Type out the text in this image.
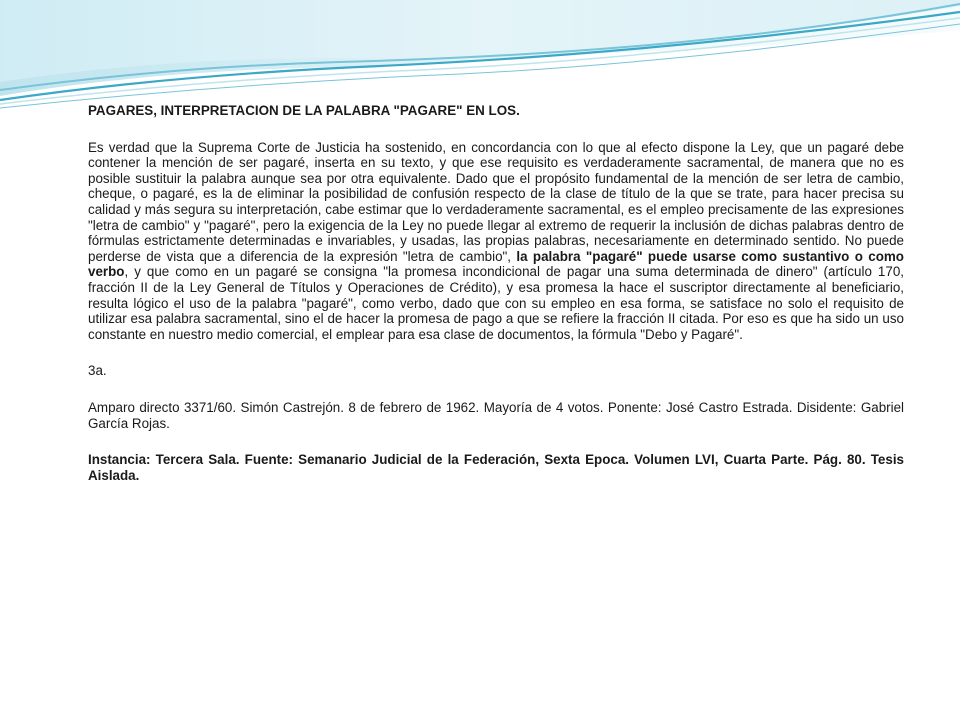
PAGARES, INTERPRETACION DE LA PALABRA "PAGARE" EN LOS.

Es verdad que la Suprema Corte de Justicia ha sostenido, en concordancia con lo que al efecto dispone la Ley, que un pagaré debe contener la mención de ser pagaré, inserta en su texto, y que ese requisito es verdaderamente sacramental, de manera que no es posible sustituir la palabra aunque sea por otra equivalente. Dado que el propósito fundamental de la mención de ser letra de cambio, cheque, o pagaré, es la de eliminar la posibilidad de confusión respecto de la clase de título de la que se trate, para hacer precisa su calidad y más segura su interpretación, cabe estimar que lo verdaderamente sacramental, es el empleo precisamente de las expresiones "letra de cambio" y "pagaré", pero la exigencia de la Ley no puede llegar al extremo de requerir la inclusión de dichas palabras dentro de fórmulas estrictamente determinadas e invariables, y usadas, las propias palabras, necesariamente en determinado sentido. No puede perderse de vista que a diferencia de la expresión "letra de cambio", la palabra "pagaré" puede usarse como sustantivo o como verbo, y que como en un pagaré se consigna "la promesa incondicional de pagar una suma determinada de dinero" (artículo 170, fracción II de la Ley General de Títulos y Operaciones de Crédito), y esa promesa la hace el suscriptor directamente al beneficiario, resulta lógico el uso de la palabra "pagaré", como verbo, dado que con su empleo en esa forma, se satisface no solo el requisito de utilizar esa palabra sacramental, sino el de hacer la promesa de pago a que se refiere la fracción II citada. Por eso es que ha sido un uso constante en nuestro medio comercial, el emplear para esa clase de documentos, la fórmula "Debo y Pagaré".

3a.

Amparo directo 3371/60. Simón Castrejón. 8 de febrero de 1962. Mayoría de 4 votos. Ponente: José Castro Estrada. Disidente: Gabriel García Rojas.

Instancia: Tercera Sala. Fuente: Semanario Judicial de la Federación, Sexta Epoca. Volumen LVI, Cuarta Parte. Pág. 80. Tesis Aislada.
